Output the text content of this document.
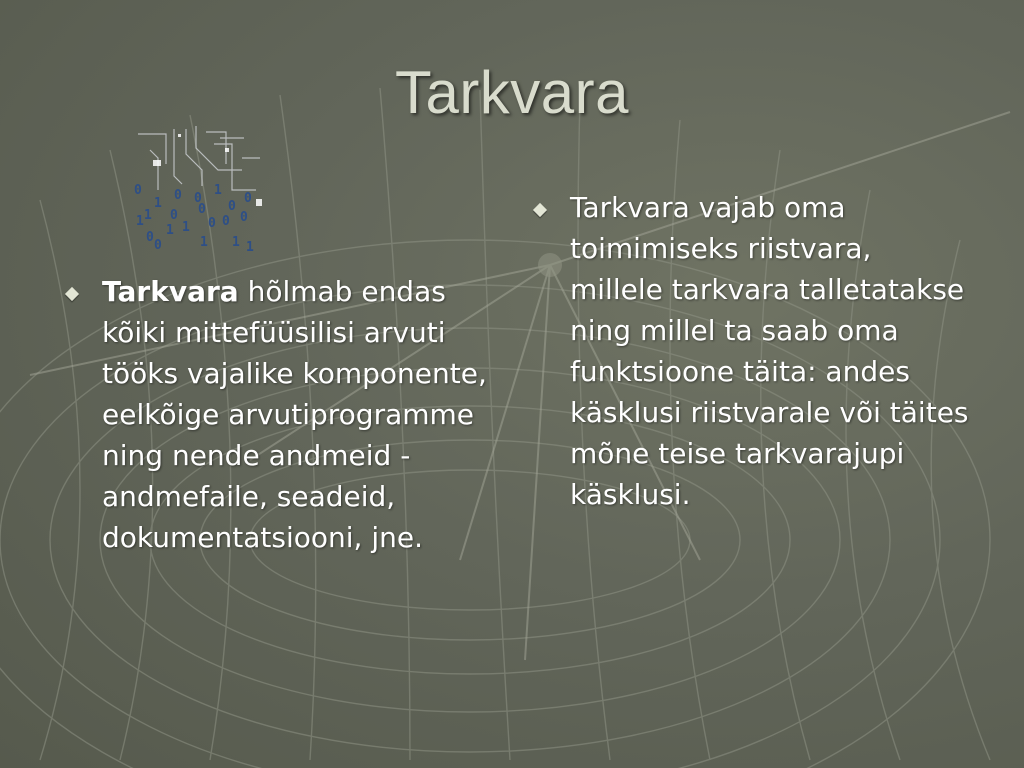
Tarkvara
0
1
0
1
1
0
1
0
0
1
0
0
1
0
1
0
0
1
0
0
1
Tarkvara hõlmab endas kõiki mittefüüsilisi arvuti tööks vajalike komponente, eelkõige arvutiprogramme ning nende andmeid - andmefaile, seadeid, dokumentatsiooni, jne.
Tarkvara vajab oma toimimiseks riistvara, millele tarkvara talletatakse ning millel ta saab oma funktsioone täita: andes käsklusi riistvarale või täites mõne teise tarkvarajupi käsklusi.
